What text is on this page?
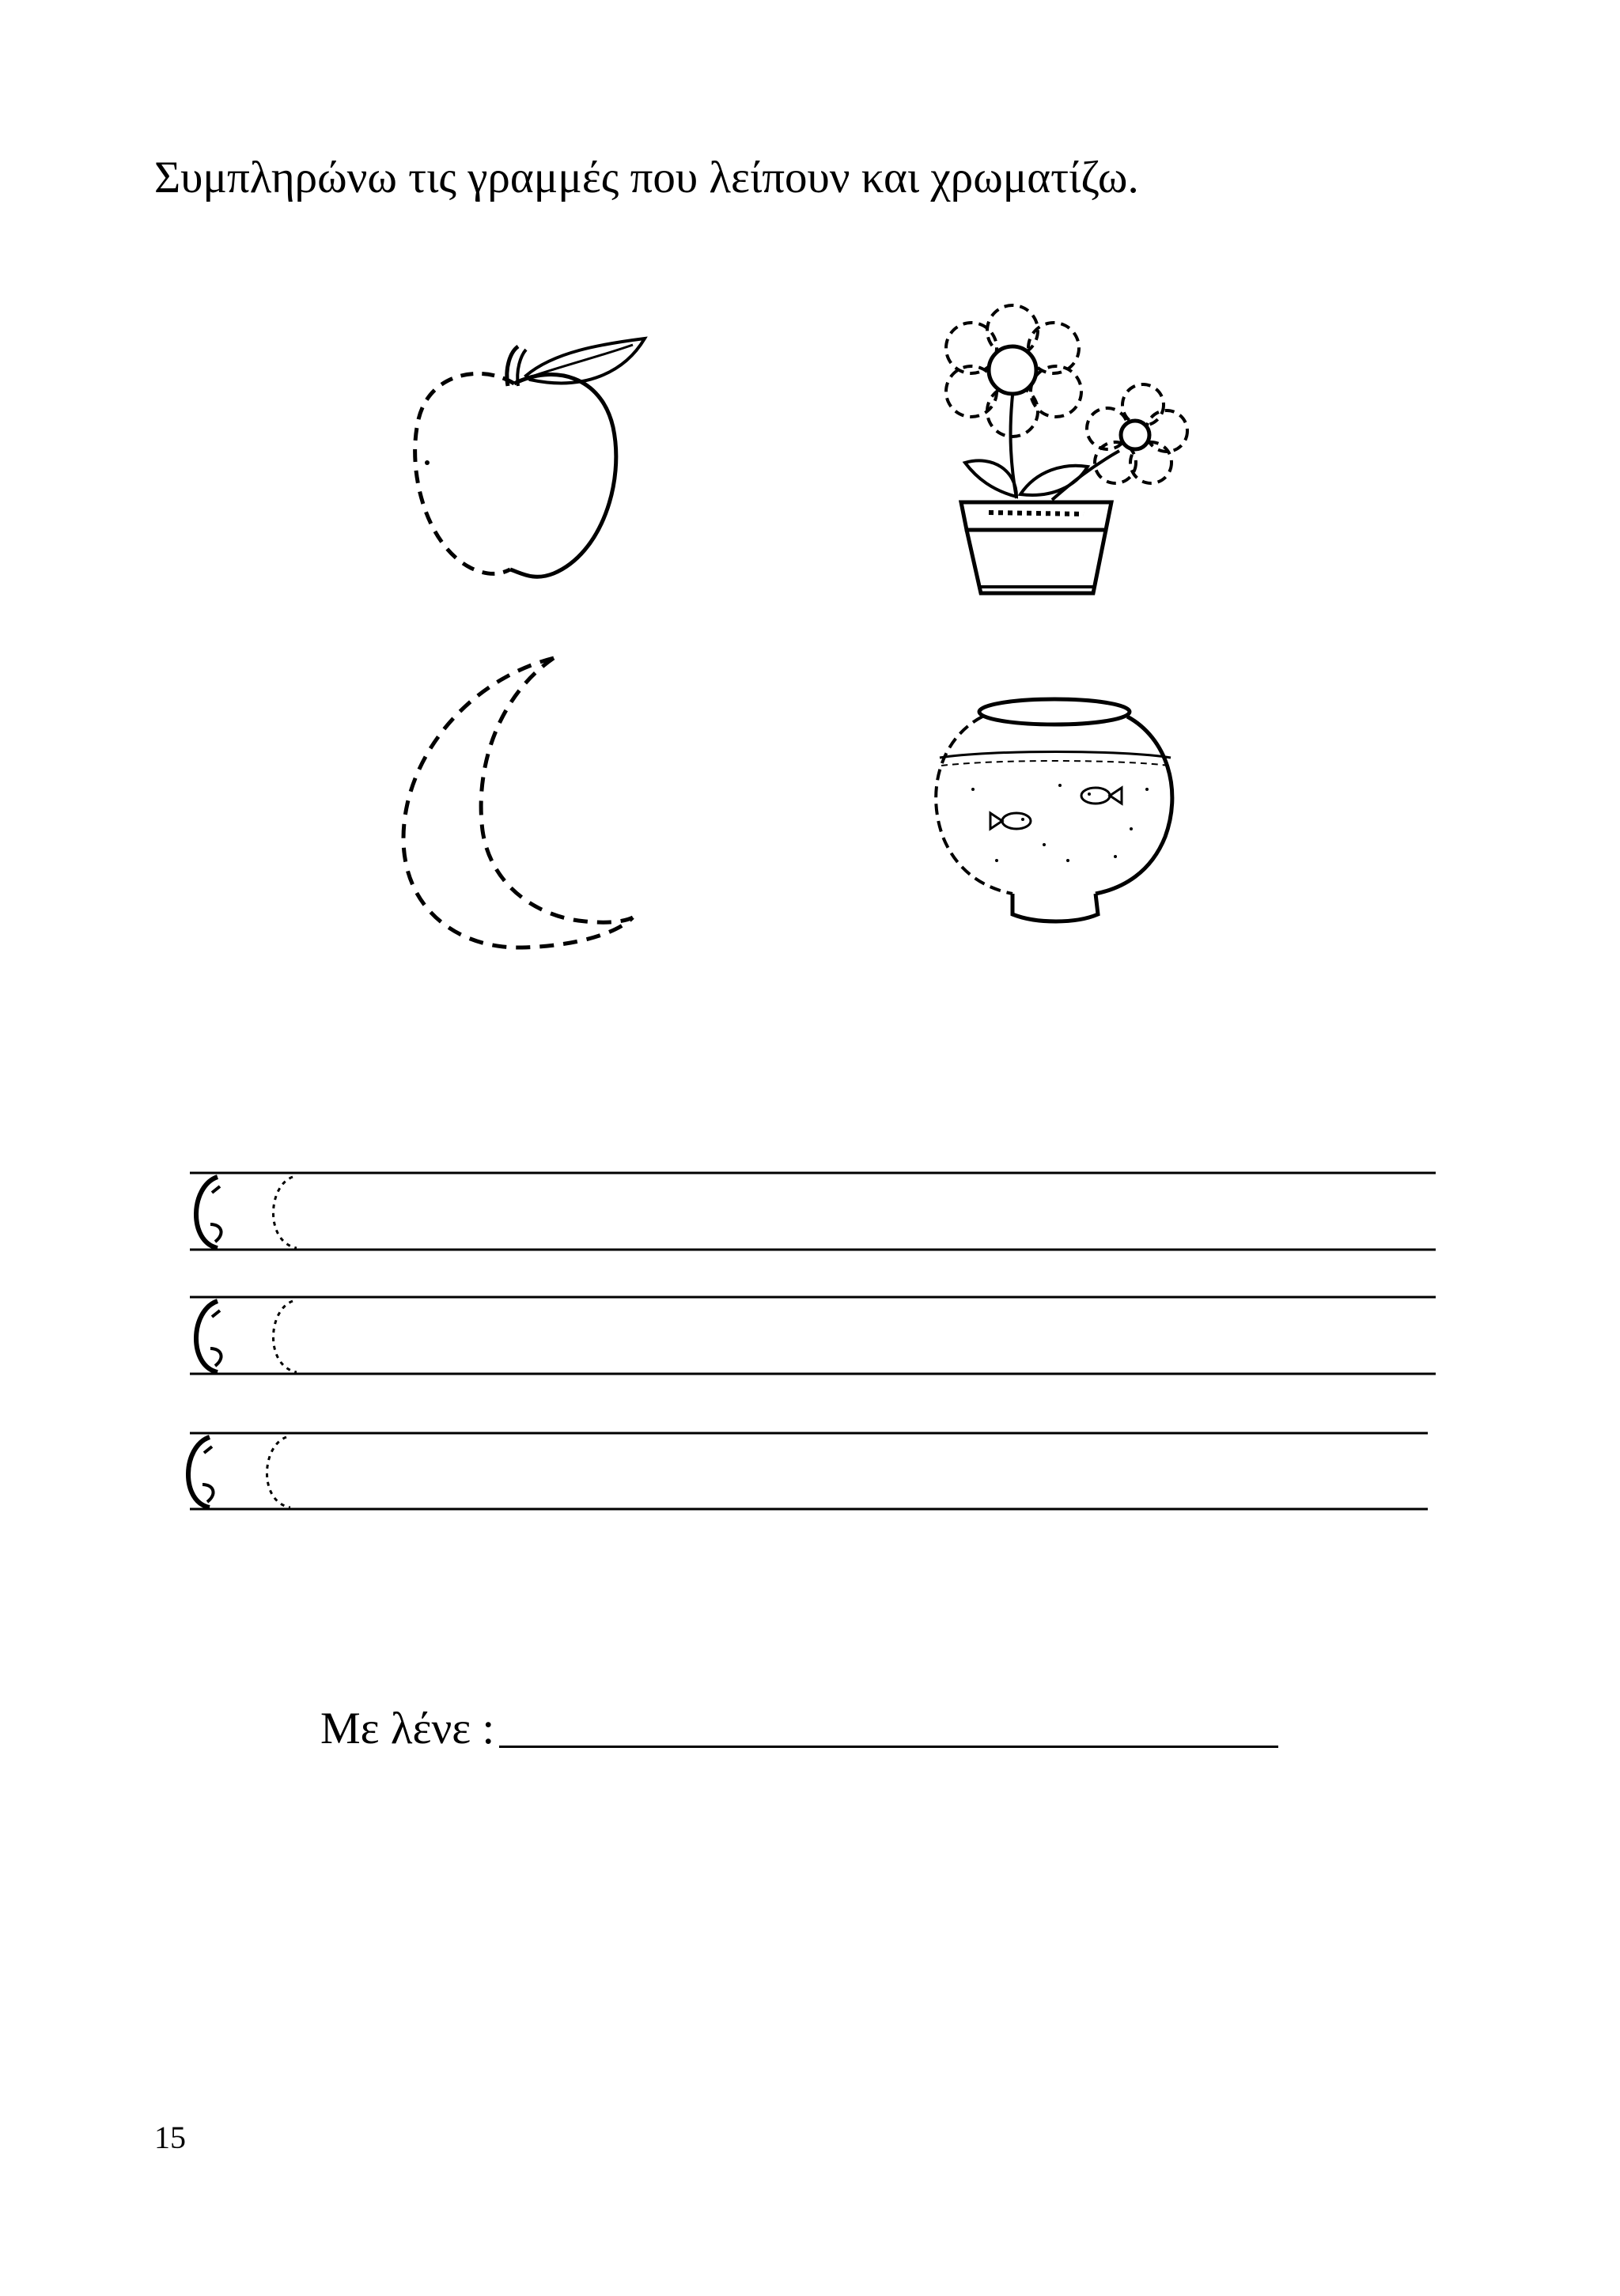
Συμπληρώνω τις γραμμές που λείπουν και χρωματίζω.
Με λένε :
15
